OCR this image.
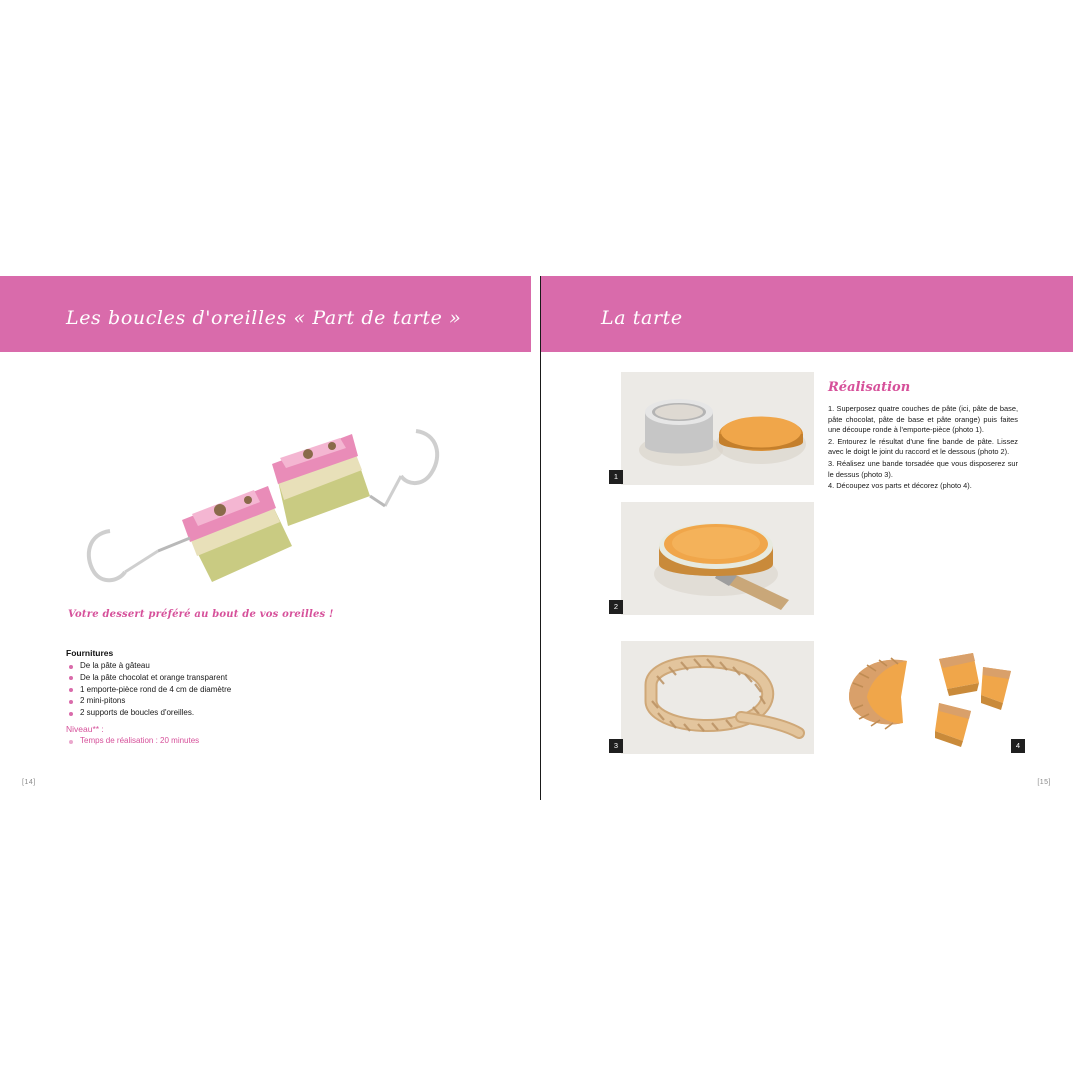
Les boucles d'oreilles « Part de tarte »
Votre dessert préféré au bout de vos oreilles !
Fournitures
De la pâte à gâteau
De la pâte chocolat et orange transparent
1 emporte-pièce rond de 4 cm de diamètre
2 mini-pitons
2 supports de boucles d'oreilles.
Niveau** :
Temps de réalisation : 20 minutes
[14]
La tarte
Réalisation

1. Superposez quatre couches de pâte (ici, pâte de base, pâte chocolat, pâte de base et pâte orange) puis faites une découpe ronde à l'emporte-pièce (photo 1).

2. Entourez le résultat d'une fine bande de pâte. Lissez avec le doigt le joint du raccord et le dessous (photo 2).

3. Réalisez une bande torsadée que vous disposerez sur le dessus (photo 3).

4. Découpez vos parts et décorez (photo 4).

1
2
3	4
[15]
